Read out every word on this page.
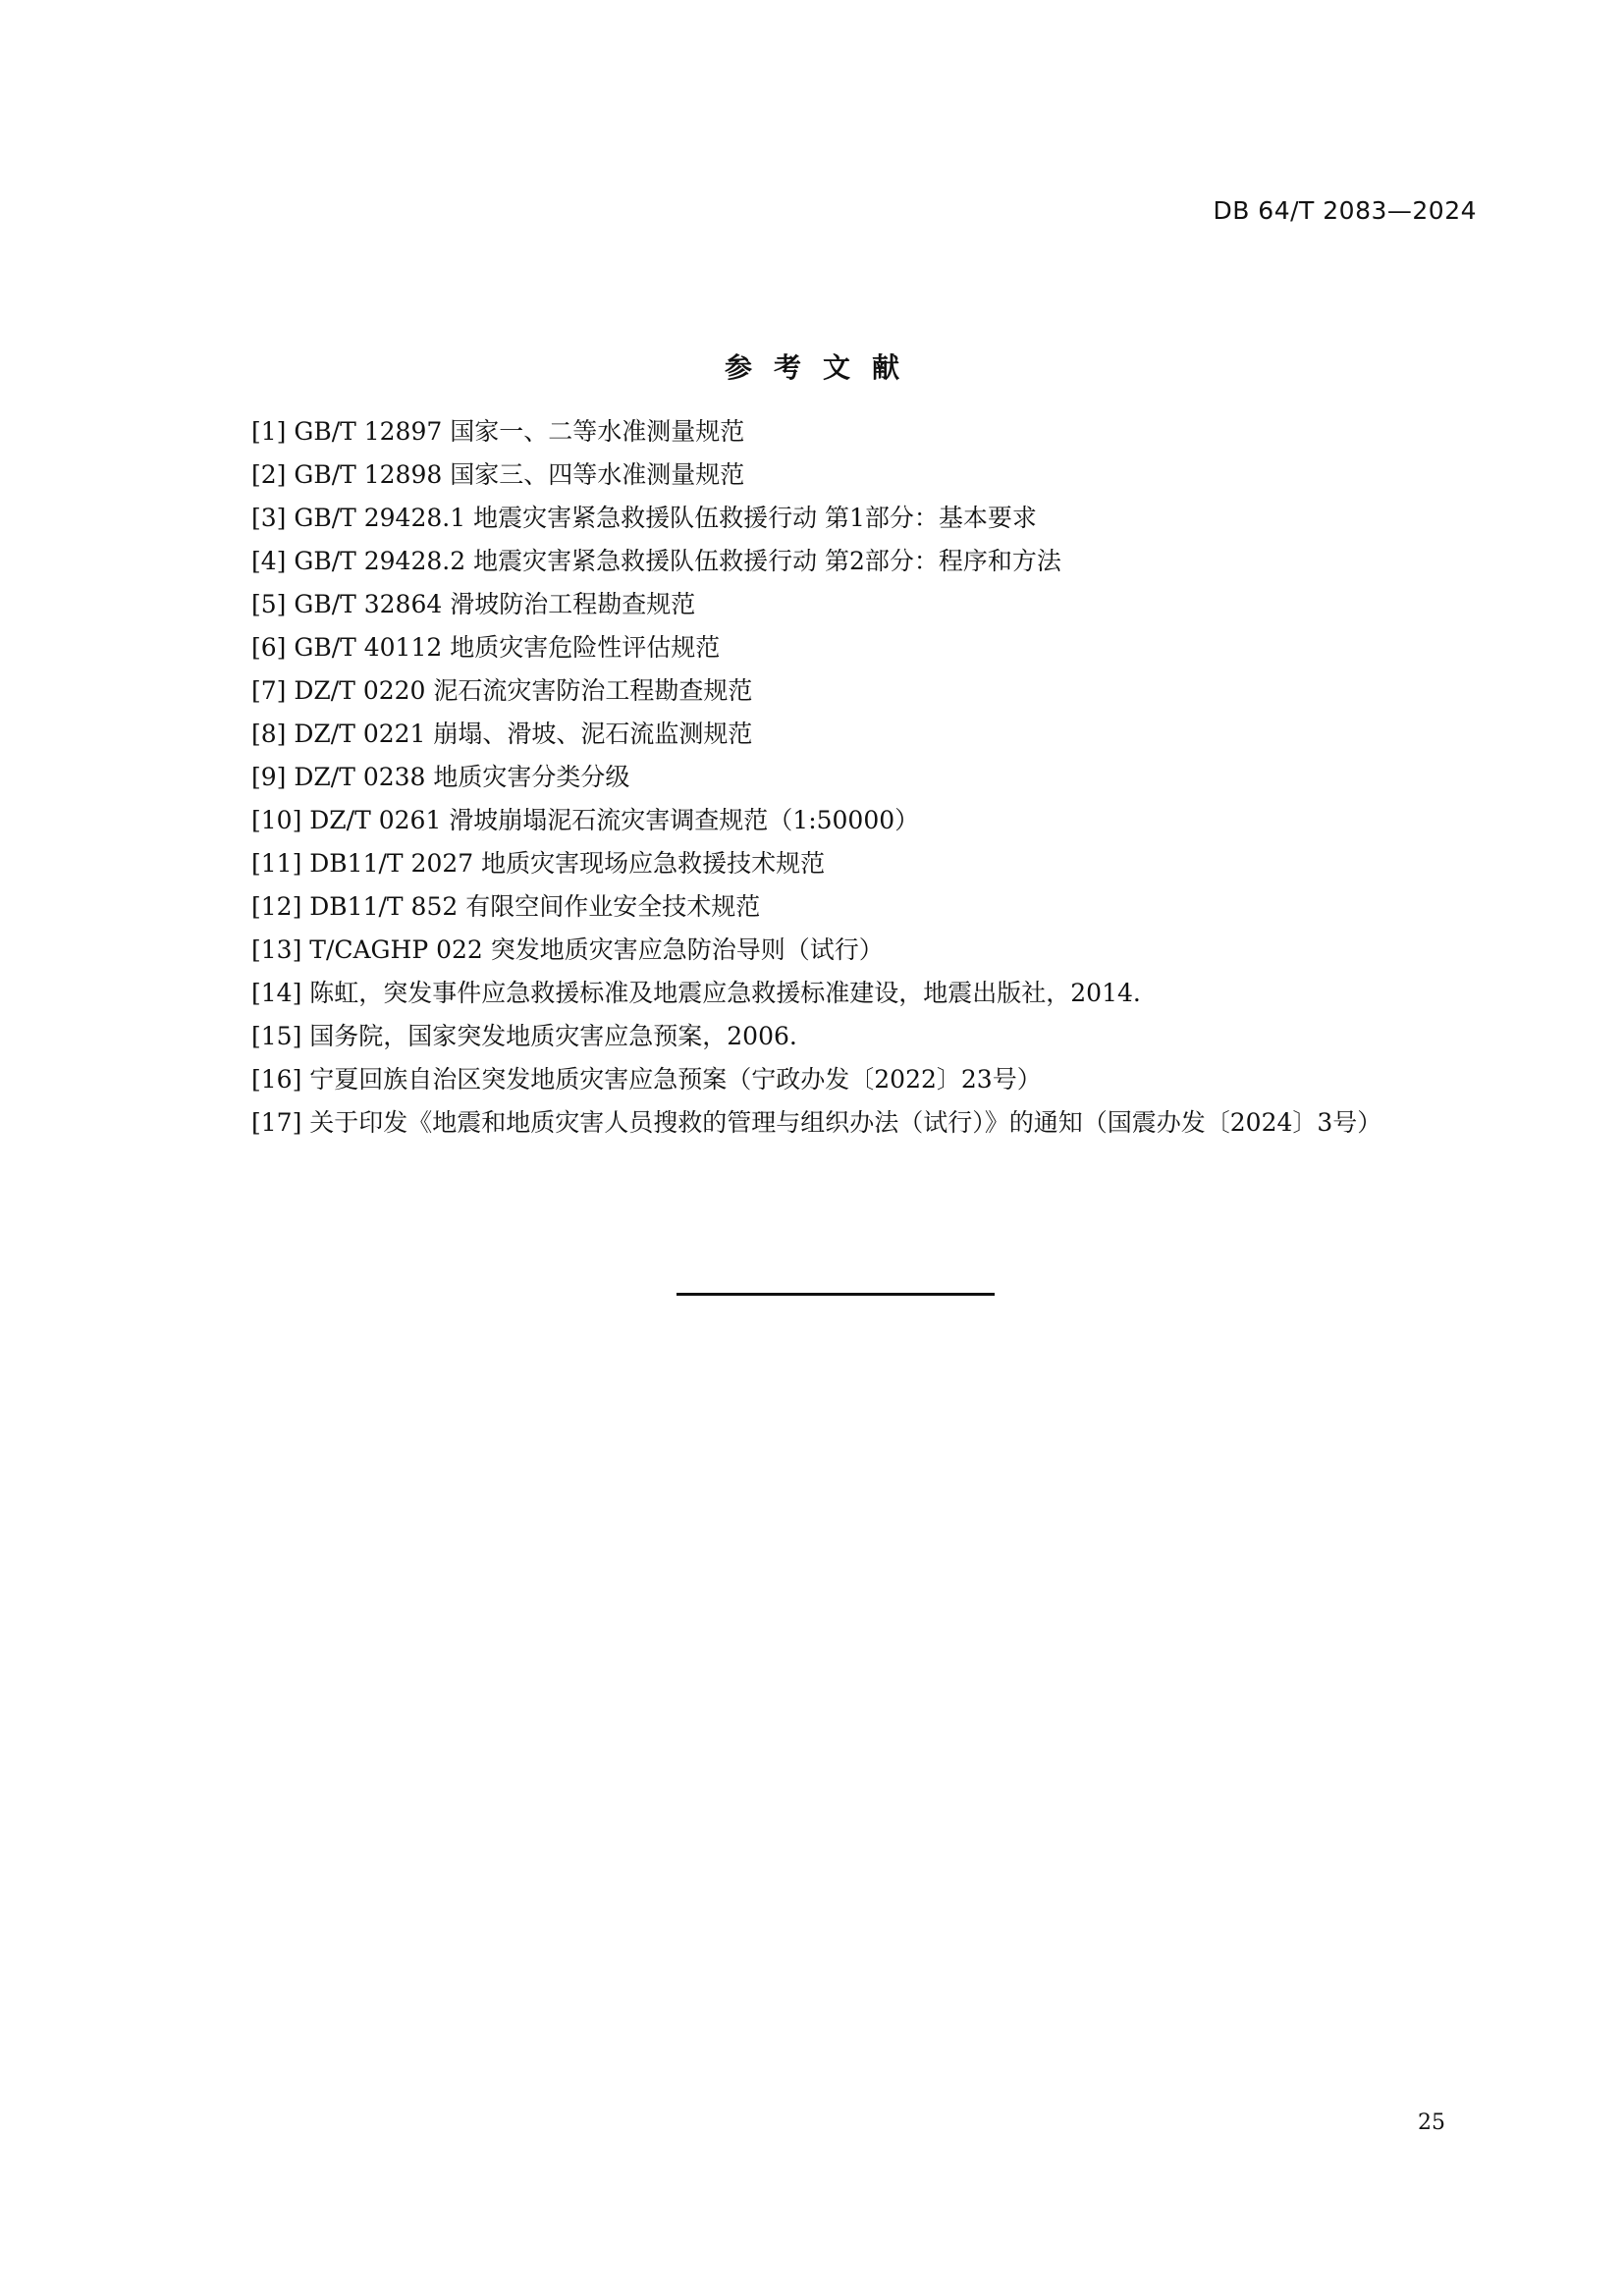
DB 64/T 2083—2024
参考文献
[1] GB/T 12897 国家一、二等水准测量规范
[2] GB/T 12898 国家三、四等水准测量规范
[3] GB/T 29428.1 地震灾害紧急救援队伍救援行动 第1部分：基本要求
[4] GB/T 29428.2 地震灾害紧急救援队伍救援行动 第2部分：程序和方法
[5] GB/T 32864 滑坡防治工程勘查规范
[6] GB/T 40112 地质灾害危险性评估规范
[7] DZ/T 0220 泥石流灾害防治工程勘查规范
[8] DZ/T 0221 崩塌、滑坡、泥石流监测规范
[9] DZ/T 0238 地质灾害分类分级
[10] DZ/T 0261 滑坡崩塌泥石流灾害调查规范（1:50000）
[11] DB11/T 2027 地质灾害现场应急救援技术规范
[12] DB11/T 852 有限空间作业安全技术规范
[13] T/CAGHP 022 突发地质灾害应急防治导则（试行）
[14] 陈虹，突发事件应急救援标准及地震应急救援标准建设，地震出版社，2014.
[15] 国务院，国家突发地质灾害应急预案，2006.
[16] 宁夏回族自治区突发地质灾害应急预案（宁政办发〔2022〕23号）
[17] 关于印发《地震和地质灾害人员搜救的管理与组织办法（试行）》的通知（国震办发〔2024〕3号）
25
